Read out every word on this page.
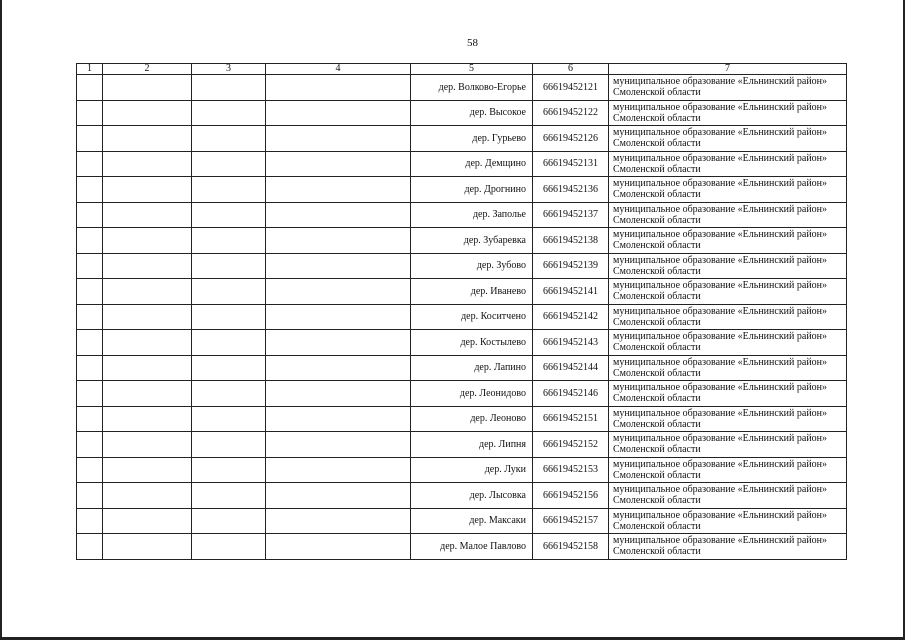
58
1	2	3	4	5	6	7
				дер. Волково-Егорье	66619452121	муниципальное образование «Ельнинский район»
Смоленской области

				дер. Высокое	66619452122	муниципальное образование «Ельнинский район»
Смоленской области

				дер. Гурьево	66619452126	муниципальное образование «Ельнинский район»
Смоленской области

				дер. Демщино	66619452131	муниципальное образование «Ельнинский район»
Смоленской области

				дер. Дрогнино	66619452136	муниципальное образование «Ельнинский район»
Смоленской области

				дер. Заполье	66619452137	муниципальное образование «Ельнинский район»
Смоленской области

				дер. Зубаревка	66619452138	муниципальное образование «Ельнинский район»
Смоленской области

				дер. Зубово	66619452139	муниципальное образование «Ельнинский район»
Смоленской области

				дер. Иванево	66619452141	муниципальное образование «Ельнинский район»
Смоленской области

				дер. Коситчено	66619452142	муниципальное образование «Ельнинский район»
Смоленской области

				дер. Костылево	66619452143	муниципальное образование «Ельнинский район»
Смоленской области

				дер. Лапино	66619452144	муниципальное образование «Ельнинский район»
Смоленской области

				дер. Леонидово	66619452146	муниципальное образование «Ельнинский район»
Смоленской области

				дер. Леоново	66619452151	муниципальное образование «Ельнинский район»
Смоленской области

				дер. Липня	66619452152	муниципальное образование «Ельнинский район»
Смоленской области

				дер. Луки	66619452153	муниципальное образование «Ельнинский район»
Смоленской области

				дер. Лысовка	66619452156	муниципальное образование «Ельнинский район»
Смоленской области

				дер. Максаки	66619452157	муниципальное образование «Ельнинский район»
Смоленской области

				дер. Малое Павлово	66619452158	муниципальное образование «Ельнинский район»
Смоленской области
